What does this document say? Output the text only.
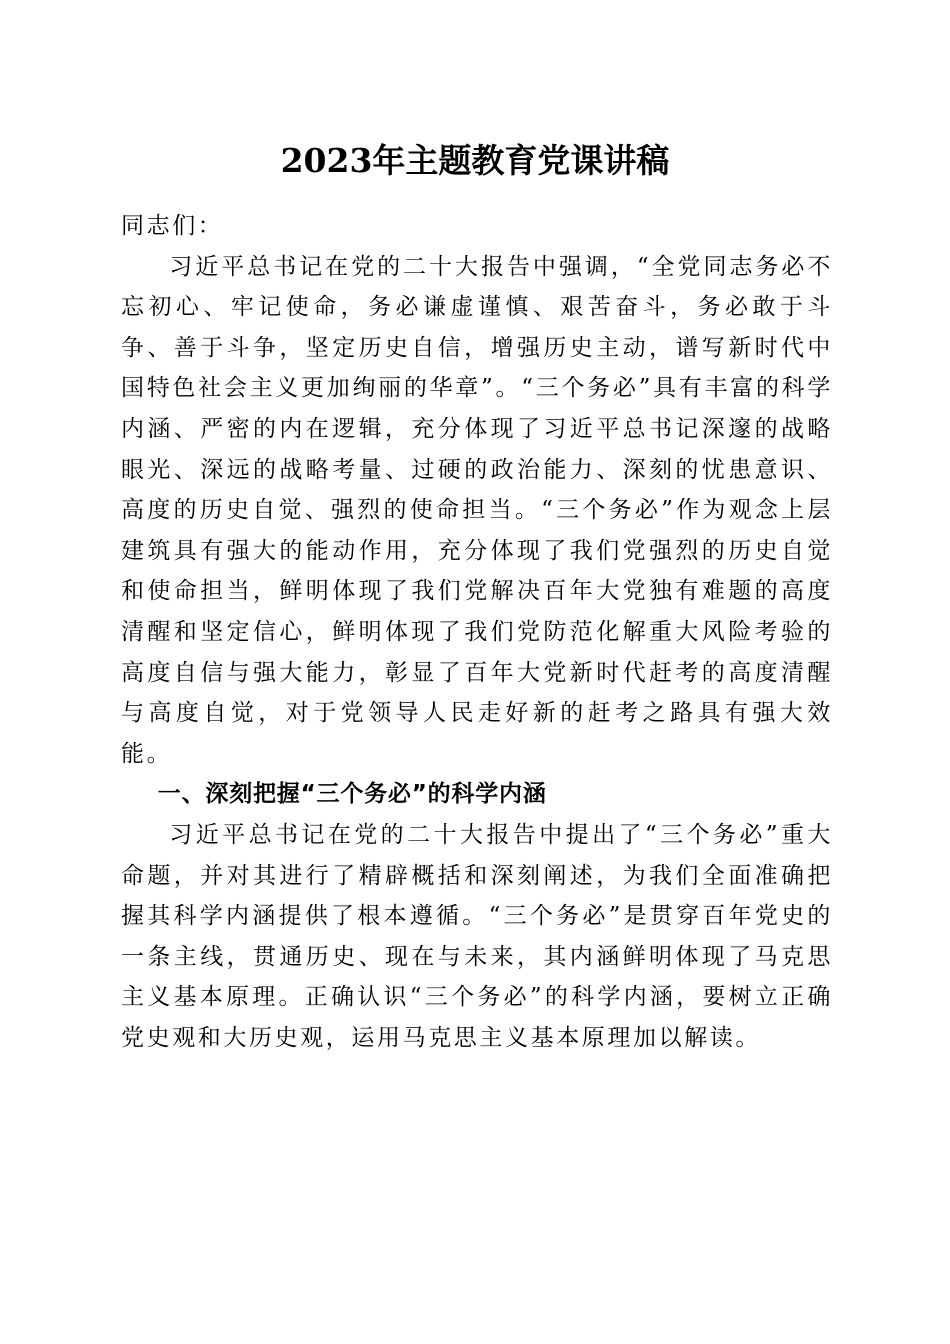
2023年主题教育党课讲稿

同志们：

习近平总书记在党的二十大报告中强调，“全党同志务必不忘初心、牢记使命，务必谦虚谨慎、艰苦奋斗，务必敢于斗争、善于斗争，坚定历史自信，增强历史主动，谱写新时代中国特色社会主义更加绚丽的华章”。“三个务必”具有丰富的科学内涵、严密的内在逻辑，充分体现了习近平总书记深邃的战略眼光、深远的战略考量、过硬的政治能力、深刻的忧患意识、高度的历史自觉、强烈的使命担当。“三个务必”作为观念上层建筑具有强大的能动作用，充分体现了我们党强烈的历史自觉和使命担当，鲜明体现了我们党解决百年大党独有难题的高度清醒和坚定信心，鲜明体现了我们党防范化解重大风险考验的高度自信与强大能力，彰显了百年大党新时代赶考的高度清醒与高度自觉，对于党领导人民走好新的赶考之路具有强大效能。

一、深刻把握“三个务必”的科学内涵

习近平总书记在党的二十大报告中提出了“三个务必”重大命题，并对其进行了精辟概括和深刻阐述，为我们全面准确把握其科学内涵提供了根本遵循。“三个务必”是贯穿百年党史的一条主线，贯通历史、现在与未来，其内涵鲜明体现了马克思主义基本原理。正确认识“三个务必”的科学内涵，要树立正确党史观和大历史观，运用马克思主义基本原理加以解读。
